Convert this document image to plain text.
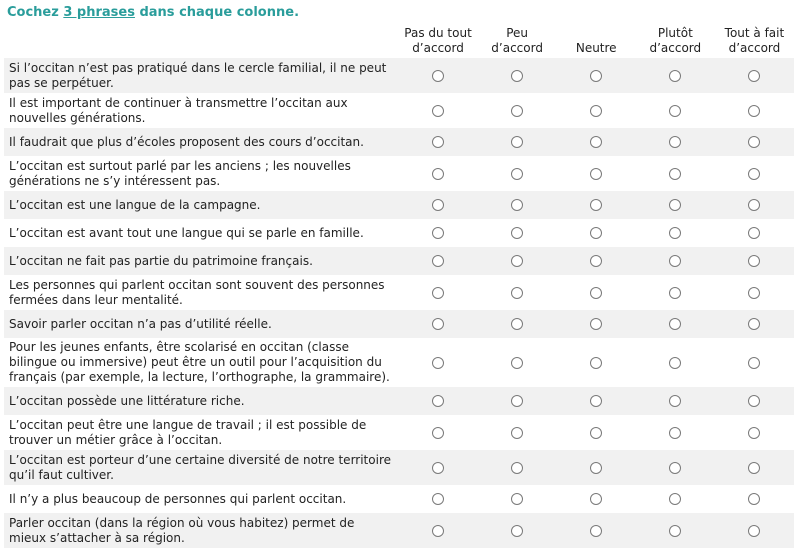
Cochez 3 phrases dans chaque colonne.

	Pas du tout d’accord	Peu d’accord	Neutre	Plutôt d’accord	Tout à fait d’accord
Si l’occitan n’est pas pratiqué dans le cercle familial, il ne peut pas se perpétuer.					
Il est important de continuer à transmettre l’occitan aux nouvelles générations.					
Il faudrait que plus d’écoles proposent des cours d’occitan.					
L’occitan est surtout parlé par les anciens ; les nouvelles générations ne s’y intéressent pas.					
L’occitan est une langue de la campagne.					
L’occitan est avant tout une langue qui se parle en famille.					
L’occitan ne fait pas partie du patrimoine français.					
Les personnes qui parlent occitan sont souvent des personnes fermées dans leur mentalité.					
Savoir parler occitan n’a pas d’utilité réelle.					
Pour les jeunes enfants, être scolarisé en occitan (classe bilingue ou immersive) peut être un outil pour l’acquisition du français (par exemple, la lecture, l’orthographe, la grammaire).					
L’occitan possède une littérature riche.					
L’occitan peut être une langue de travail ; il est possible de trouver un métier grâce à l’occitan.					
L’occitan est porteur d’une certaine diversité de notre territoire qu’il faut cultiver.					
Il n’y a plus beaucoup de personnes qui parlent occitan.					
Parler occitan (dans la région où vous habitez) permet de mieux s’attacher à sa région.					
